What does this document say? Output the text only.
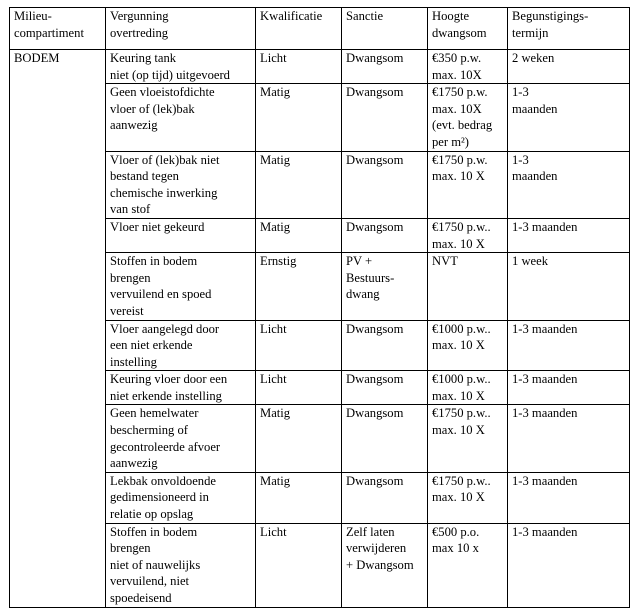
Milieu-
compartiment	Vergunning
overtreding	Kwalificatie	Sanctie	Hoogte
dwangsom	Begunstigings-
termijn

BODEM	Keuring tank
niet (op tijd) uitgevoerd	Licht	Dwangsom	€350 p.w.
max. 10X	2 weken

	Geen vloeistofdichte
vloer of (lek)bak
aanwezig	Matig	Dwangsom	€1750 p.w.
max. 10X
(evt. bedrag
per m²)	1-3
maanden

	Vloer of (lek)bak niet
bestand tegen
chemische inwerking
van stof	Matig	Dwangsom	€1750 p.w.
max. 10 X	1-3
maanden

	Vloer niet gekeurd	Matig	Dwangsom	€1750 p.w..
max. 10 X	1-3 maanden

	Stoffen in bodem
brengen
vervuilend en spoed
vereist	Ernstig	PV +
Bestuurs-
dwang	NVT	1 week

	Vloer aangelegd door
een niet erkende
instelling	Licht	Dwangsom	€1000 p.w..
max. 10 X	1-3 maanden

	Keuring vloer door een
niet erkende instelling	Licht	Dwangsom	€1000 p.w..
max. 10 X	1-3 maanden

	Geen hemelwater
bescherming of
gecontroleerde afvoer
aanwezig	Matig	Dwangsom	€1750 p.w..
max. 10 X	1-3 maanden

	Lekbak onvoldoende
gedimensioneerd in
relatie op opslag	Matig	Dwangsom	€1750 p.w..
max. 10 X	1-3 maanden

	Stoffen in bodem
brengen
niet of nauwelijks
vervuilend, niet
spoedeisend	Licht	Zelf laten
verwijderen
+ Dwangsom	€500 p.o.
max 10 x	1-3 maanden
